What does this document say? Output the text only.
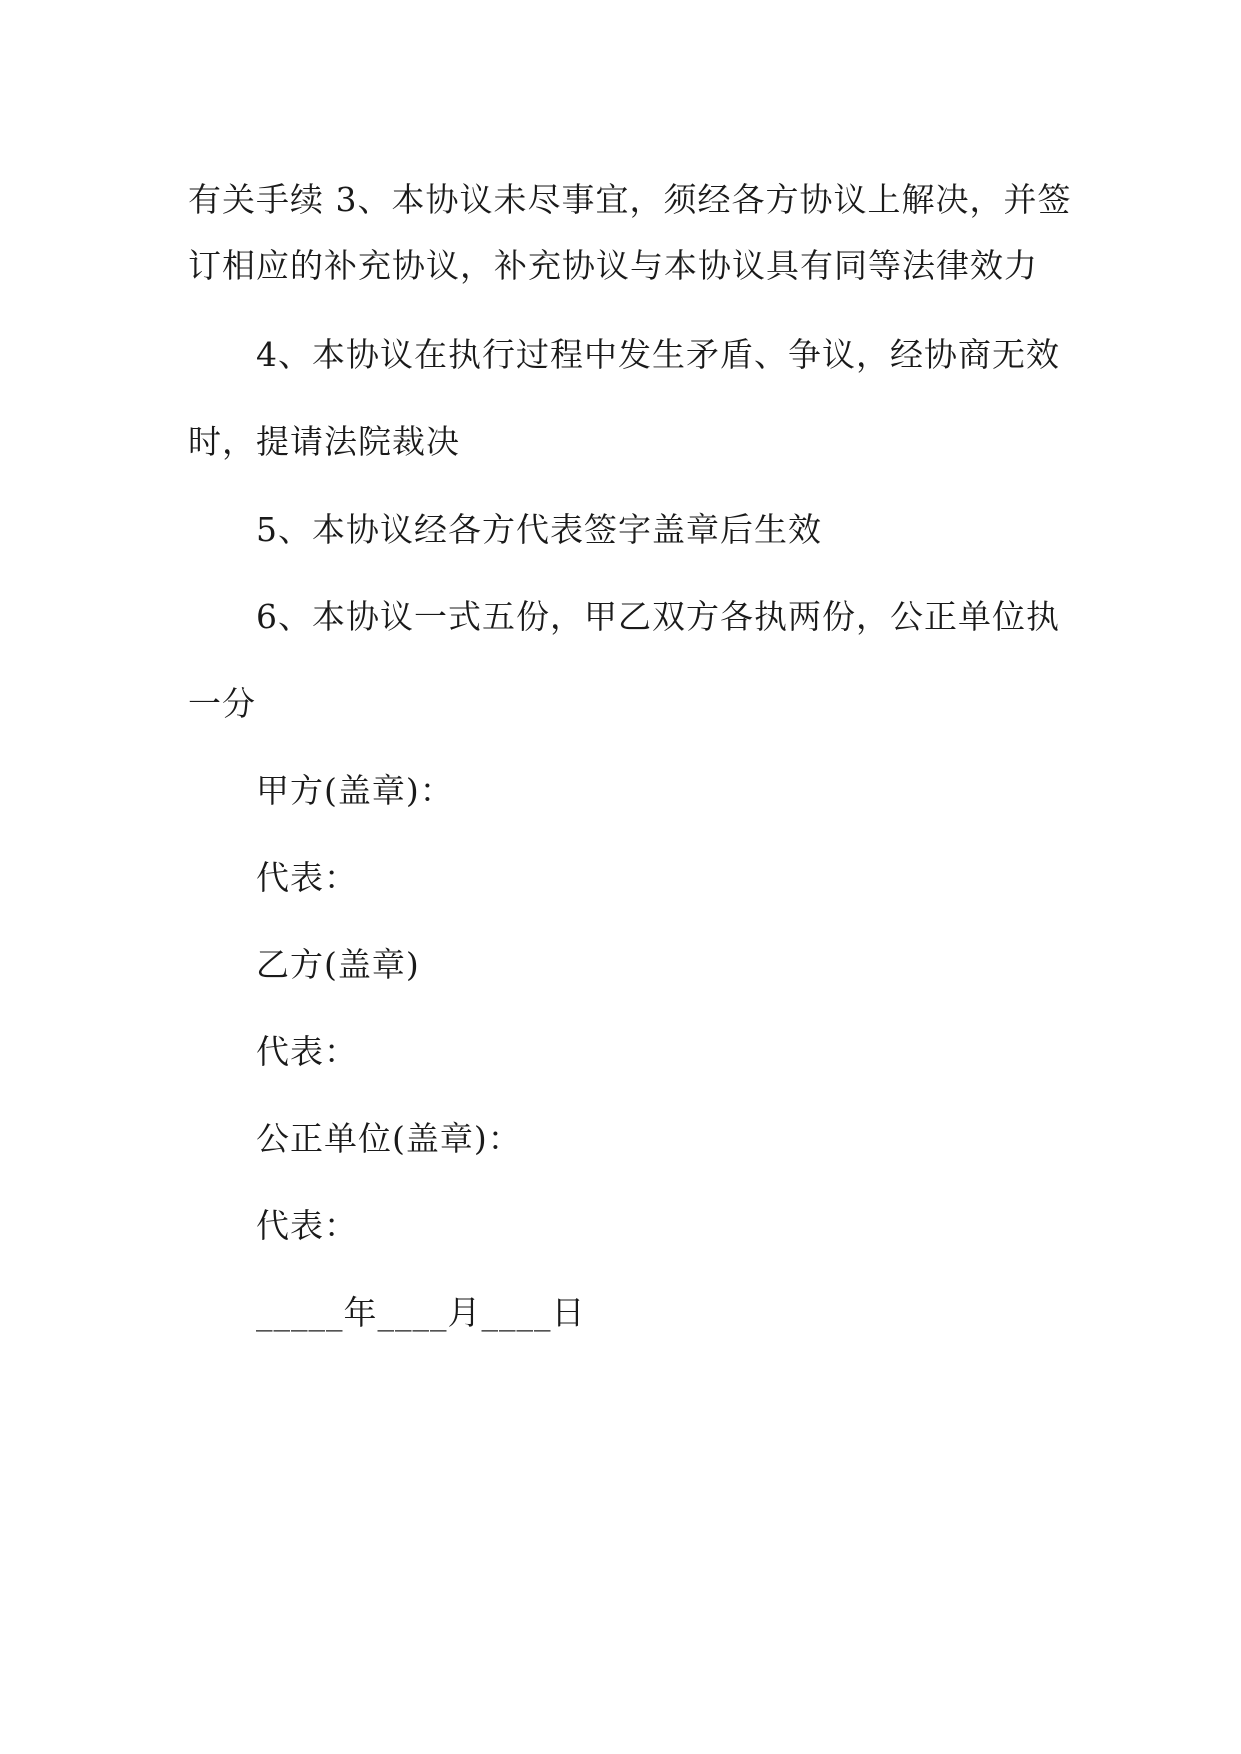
有关手续 3、本协议未尽事宜，须经各方协议上解决，并签
订相应的补充协议，补充协议与本协议具有同等法律效力
4、本协议在执行过程中发生矛盾、争议，经协商无效
时，提请法院裁决
5、本协议经各方代表签字盖章后生效
6、本协议一式五份，甲乙双方各执两份，公正单位执
一分
甲方(盖章)：
代表：
乙方(盖章)
代表：
公正单位(盖章)：
代表：
_____年____月____日
